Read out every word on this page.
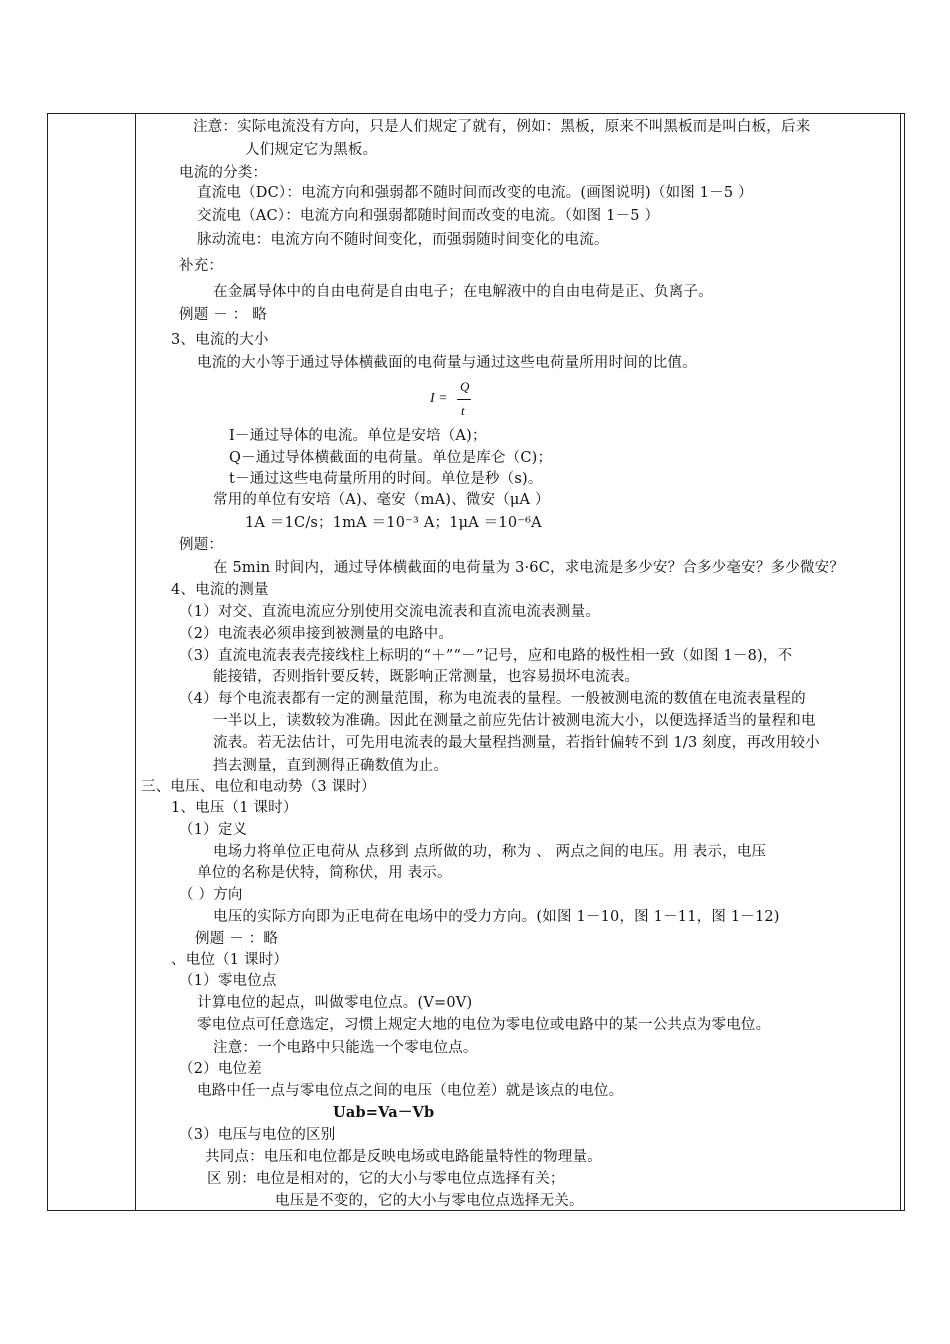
I =
Q
t
注意：实际电流没有方向，只是人们规定了就有，例如：黑板，原来不叫黑板而是叫白板，后来
人们规定它为黑板。
电流的分类：
直流电（DC）：电流方向和强弱都不随时间而改变的电流。(画图说明)（如图 1－5 ）
交流电（AC）：电流方向和强弱都随时间而改变的电流。（如图 1－5 ）
脉动流电：电流方向不随时间变化，而强弱随时间变化的电流。
补充：
在金属导体中的自由电荷是自由电子；在电解液中的自由电荷是正、负离子。
例题 － ： 略
3、电流的大小
电流的大小等于通过导体横截面的电荷量与通过这些电荷量所用时间的比值。
I－通过导体的电流。单位是安培（A)；
Q－通过导体横截面的电荷量。单位是库仑（C)；
t－通过这些电荷量所用的时间。单位是秒（s)。
常用的单位有安培（A)、毫安（mA)、微安（μA ）
1A ＝1C/s；1mA ＝10⁻³ A；1μA ＝10⁻⁶A
例题：
在 5min 时间内，通过导体横截面的电荷量为 3·6C，求电流是多少安？合多少毫安？多少微安？
4、电流的测量
（1）对交、直流电流应分别使用交流电流表和直流电流表测量。
（2）电流表必须串接到被测量的电路中。
（3）直流电流表表壳接线柱上标明的“＋”“－”记号，应和电路的极性相一致（如图 1－8)，不
能接错，否则指针要反转，既影响正常测量，也容易损坏电流表。
（4）每个电流表都有一定的测量范围，称为电流表的量程。一般被测电流的数值在电流表量程的
一半以上，读数较为准确。因此在测量之前应先估计被测电流大小，以便选择适当的量程和电
流表。若无法估计，可先用电流表的最大量程挡测量，若指针偏转不到 1/3 刻度，再改用较小
挡去测量，直到测得正确数值为止。
三、电压、电位和电动势（3 课时）
1、电压（1 课时）
（1）定义
电场力将单位正电荷从 点移到 点所做的功，称为 、 两点之间的电压。用 表示，电压
单位的名称是伏特，简称伏，用 表示。
（ ）方向
电压的实际方向即为正电荷在电场中的受力方向。(如图 1－10，图 1－11，图 1－12)
例题 － ：略
、电位（1 课时）
（1）零电位点
计算电位的起点，叫做零电位点。(V=0V)
零电位点可任意选定，习惯上规定大地的电位为零电位或电路中的某一公共点为零电位。
注意：一个电路中只能选一个零电位点。
（2）电位差
电路中任一点与零电位点之间的电压（电位差）就是该点的电位。
Uab=Va－Vb
（3）电压与电位的区别
共同点：电压和电位都是反映电场或电路能量特性的物理量。
区 别：电位是相对的，它的大小与零电位点选择有关；
电压是不变的，它的大小与零电位点选择无关。
